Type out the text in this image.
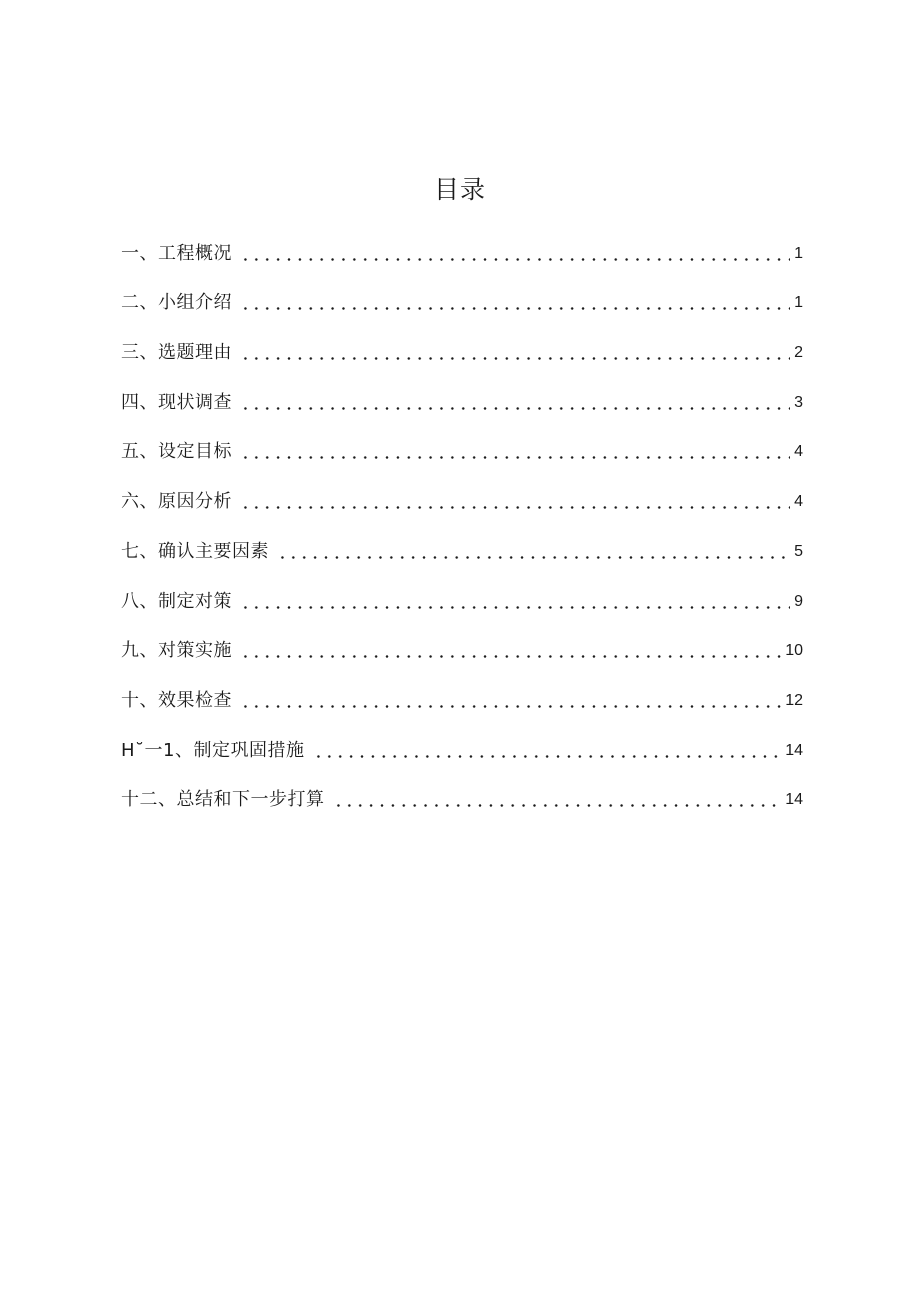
目录
一、工程概况	1
二、小组介绍	1
三、选题理由	2
四、现状调查	3
五、设定目标	4
六、原因分析	4
七、确认主要因素	5
八、制定对策	9
九、对策实施	10
十、效果检查	12
H˘一1、制定巩固措施	14
十二、总结和下一步打算	14
